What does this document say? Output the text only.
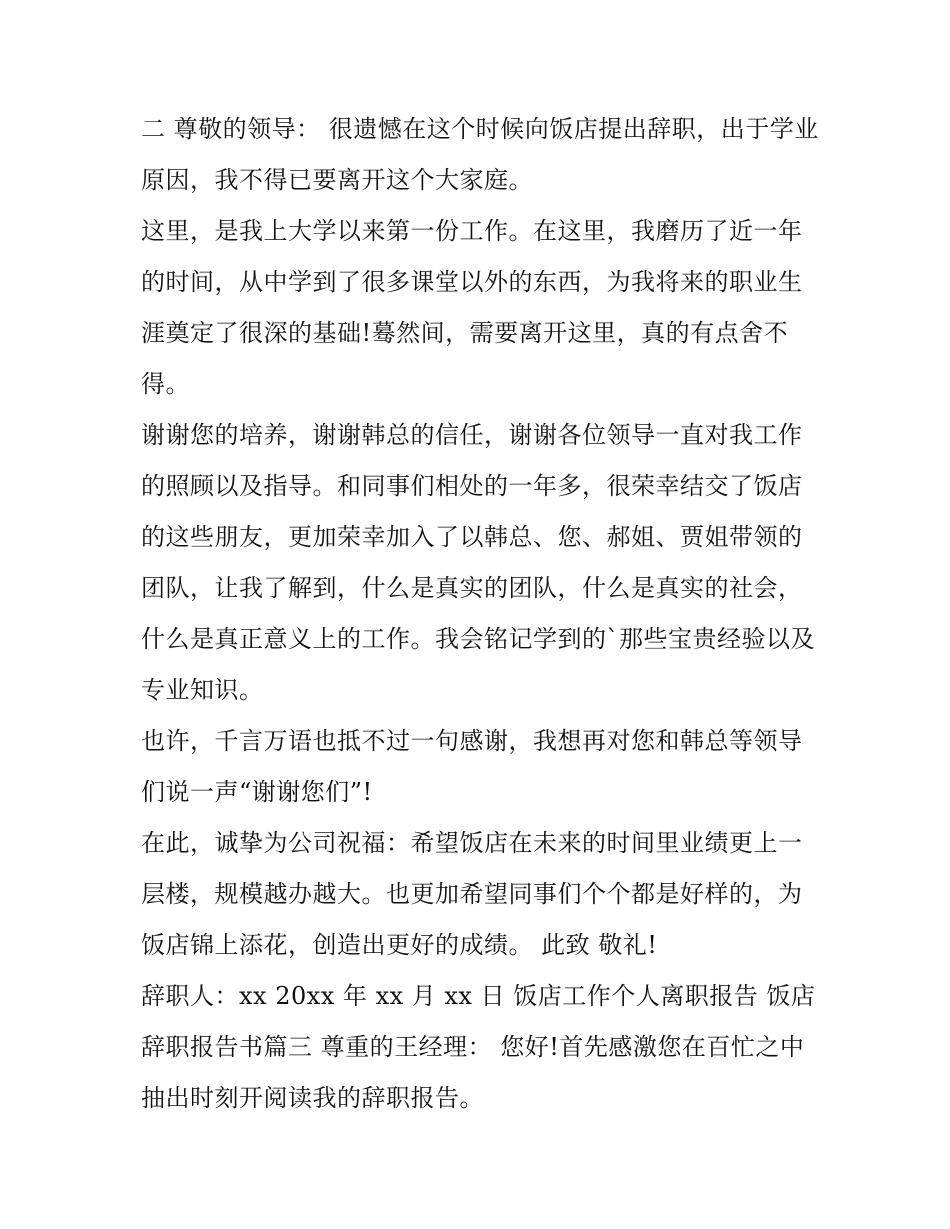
二 尊敬的领导： 很遗憾在这个时候向饭店提出辞职，出于学业原因，我不得已要离开这个大家庭。

这里，是我上大学以来第一份工作。在这里，我磨历了近一年的时间，从中学到了很多课堂以外的东西，为我将来的职业生涯奠定了很深的基础!蓦然间，需要离开这里，真的有点舍不得。

谢谢您的培养，谢谢韩总的信任，谢谢各位领导一直对我工作的照顾以及指导。和同事们相处的一年多，很荣幸结交了饭店的这些朋友，更加荣幸加入了以韩总、您、郝姐、贾姐带领的团队，让我了解到，什么是真实的团队，什么是真实的社会，什么是真正意义上的工作。我会铭记学到的`那些宝贵经验以及专业知识。

也许，千言万语也抵不过一句感谢，我想再对您和韩总等领导们说一声“谢谢您们”!

在此，诚挚为公司祝福：希望饭店在未来的时间里业绩更上一层楼，规模越办越大。也更加希望同事们个个都是好样的，为饭店锦上添花，创造出更好的成绩。 此致 敬礼!

辞职人：xx 20xx 年 xx 月 xx 日 饭店工作个人离职报告 饭店辞职报告书篇三 尊重的王经理： 您好!首先感激您在百忙之中抽出时刻开阅读我的辞职报告。
